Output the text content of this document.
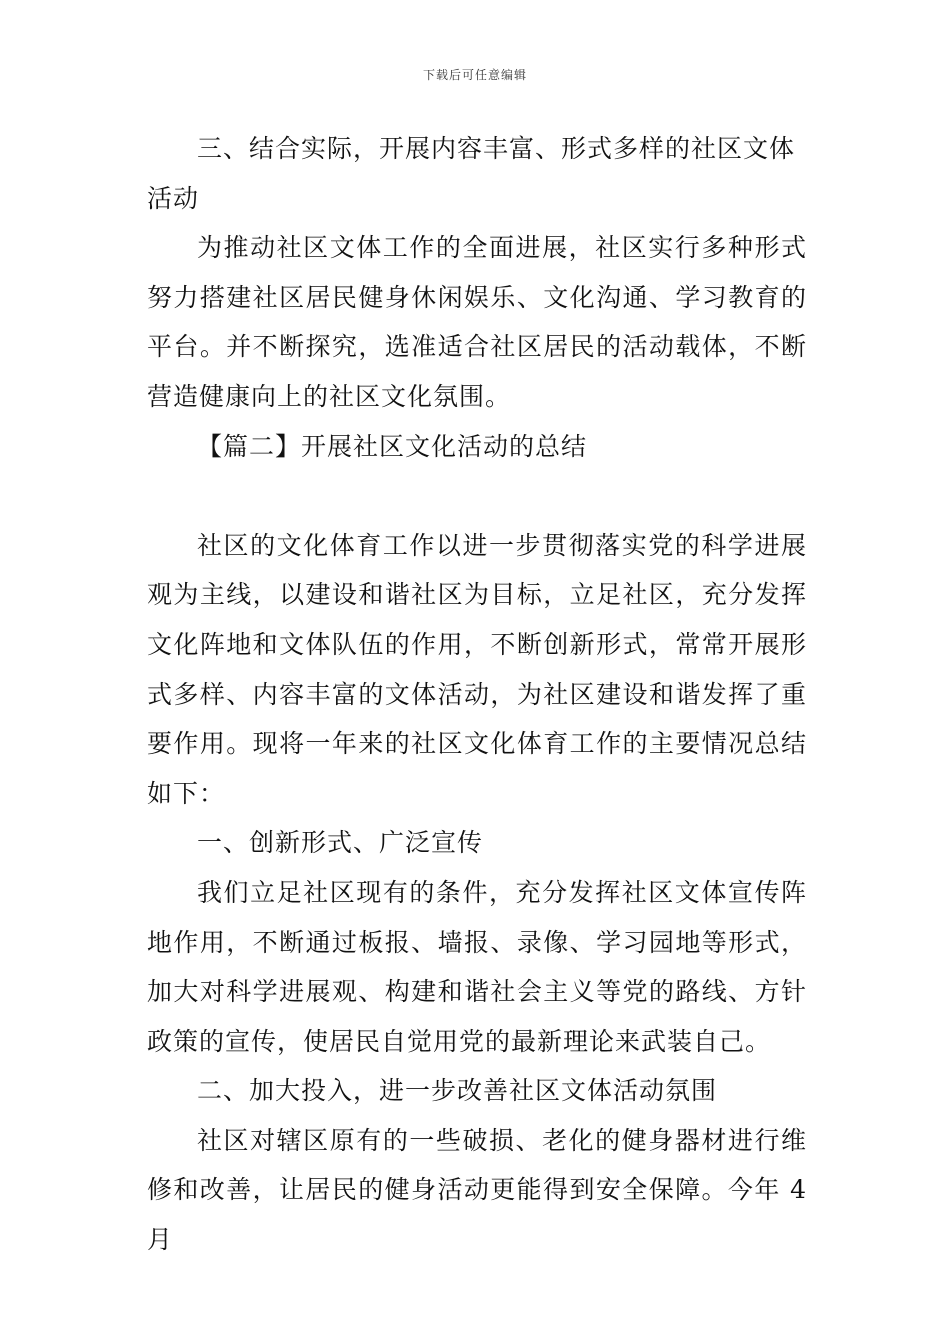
下载后可任意编辑

三、结合实际，开展内容丰富、形式多样的社区文体活动

为推动社区文体工作的全面进展，社区实行多种形式努力搭建社区居民健身休闲娱乐、文化沟通、学习教育的平台。并不断探究，选准适合社区居民的活动载体，不断营造健康向上的社区文化氛围。

【篇二】开展社区文化活动的总结

社区的文化体育工作以进一步贯彻落实党的科学进展观为主线，以建设和谐社区为目标，立足社区，充分发挥文化阵地和文体队伍的作用，不断创新形式，常常开展形式多样、内容丰富的文体活动，为社区建设和谐发挥了重要作用。现将一年来的社区文化体育工作的主要情况总结如下：

一、创新形式、广泛宣传

我们立足社区现有的条件，充分发挥社区文体宣传阵地作用，不断通过板报、墙报、录像、学习园地等形式，加大对科学进展观、构建和谐社会主义等党的路线、方针政策的宣传，使居民自觉用党的最新理论来武装自己。

二、加大投入，进一步改善社区文体活动氛围

社区对辖区原有的一些破损、老化的健身器材进行维修和改善，让居民的健身活动更能得到安全保障。今年 4 月
